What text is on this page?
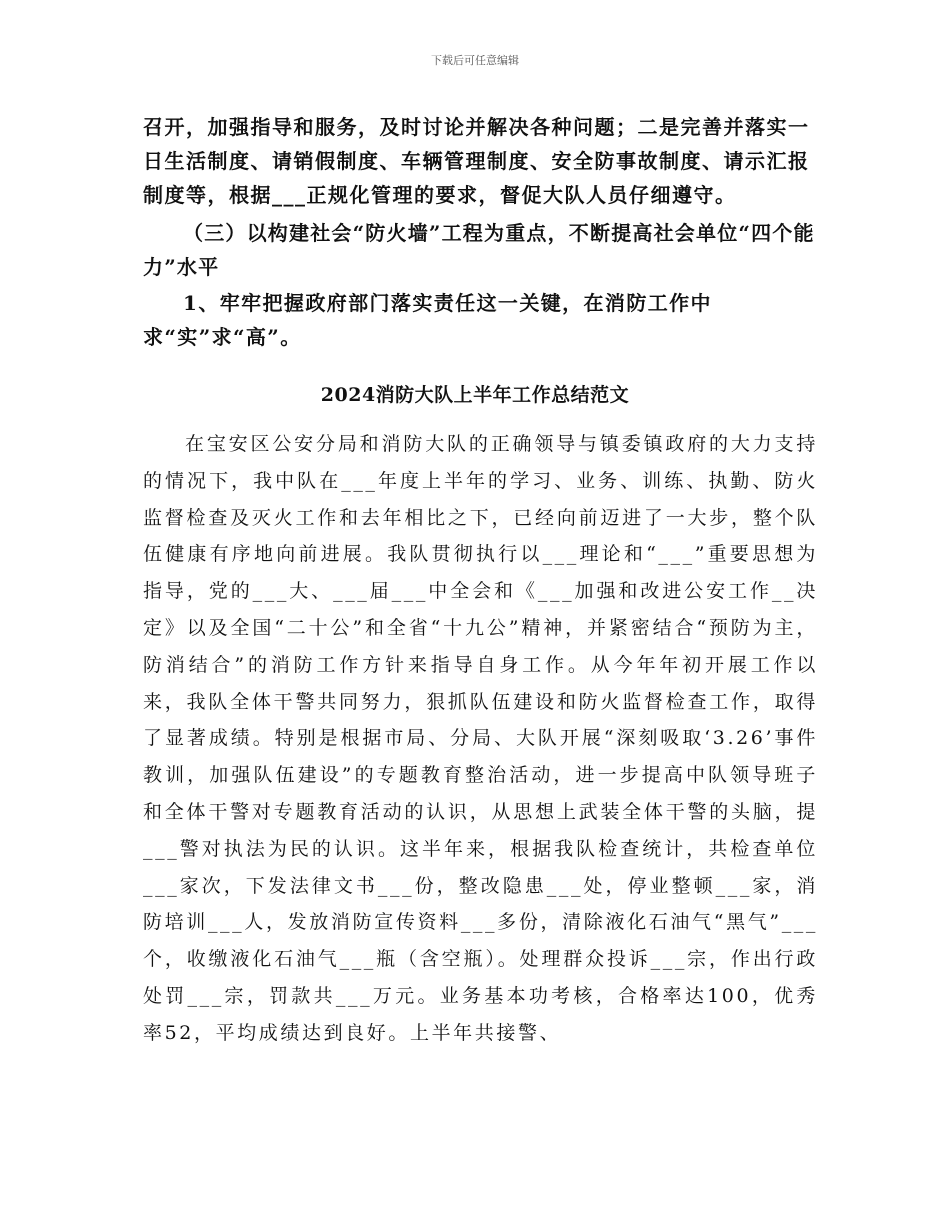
下载后可任意编辑
召开，加强指导和服务，及时讨论并解决各种问题；二是完善并落实一日生活制度、请销假制度、车辆管理制度、安全防事故制度、请示汇报制度等，根据___正规化管理的要求，督促大队人员仔细遵守。
（三）以构建社会“防火墙”工程为重点，不断提高社会单位“四个能力”水平
1、牢牢把握政府部门落实责任这一关键，在消防工作中求“实”求“高”。
2024消防大队上半年工作总结范文
在宝安区公安分局和消防大队的正确领导与镇委镇政府的大力支持的情况下，我中队在___年度上半年的学习、业务、训练、执勤、防火监督检查及灭火工作和去年相比之下，已经向前迈进了一大步，整个队伍健康有序地向前进展。我队贯彻执行以___理论和“___”重要思想为指导，党的___大、___届___中全会和《___加强和改进公安工作__决定》以及全国“二十公”和全省“十九公”精神，并紧密结合“预防为主，防消结合”的消防工作方针来指导自身工作。从今年年初开展工作以来，我队全体干警共同努力，狠抓队伍建设和防火监督检查工作，取得了显著成绩。特别是根据市局、分局、大队开展“深刻吸取‘3.26’事件教训，加强队伍建设”的专题教育整治活动，进一步提高中队领导班子和全体干警对专题教育活动的认识，从思想上武装全体干警的头脑，提___警对执法为民的认识。这半年来，根据我队检查统计，共检查单位___家次，下发法律文书___份，整改隐患___处，停业整顿___家，消防培训___人，发放消防宣传资料___多份，清除液化石油气“黑气”___个，收缴液化石油气___瓶（含空瓶）。处理群众投诉___宗，作出行政处罚___宗，罚款共___万元。业务基本功考核，合格率达100，优秀率52，平均成绩达到良好。上半年共接警、
